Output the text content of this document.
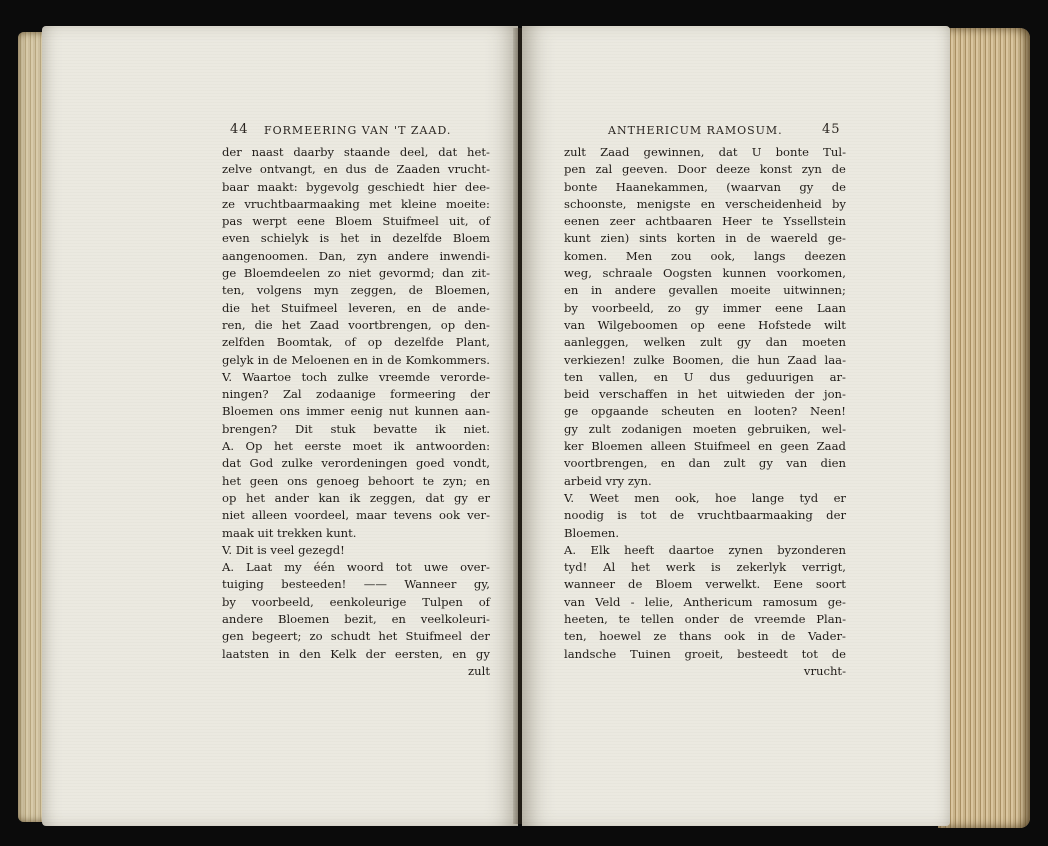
44 FORMEERING VAN 'T ZAAD.
der naast daarby staande deel, dat het-
zelve ontvangt, en dus de Zaaden vrucht-
baar maakt: bygevolg geschiedt hier dee-
ze vruchtbaarmaaking met kleine moeite:
pas werpt eene Bloem Stuifmeel uit, of
even schielyk is het in dezelfde Bloem
aangenoomen. Dan, zyn andere inwendi-
ge Bloemdeelen zo niet gevormd; dan zit-
ten, volgens myn zeggen, de Bloemen,
die het Stuifmeel leveren, en de ande-
ren, die het Zaad voortbrengen, op den-
zelfden Boomtak, of op dezelfde Plant,
gelyk in de Meloenen en in de Komkommers.
V. Waartoe toch zulke vreemde verorde-
ningen? Zal zodaanige formeering der
Bloemen ons immer eenig nut kunnen aan-
brengen? Dit stuk bevatte ik niet.
A. Op het eerste moet ik antwoorden:
dat God zulke verordeningen goed vondt,
het geen ons genoeg behoort te zyn; en
op het ander kan ik zeggen, dat gy er
niet alleen voordeel, maar tevens ook ver-
maak uit trekken kunt.
V. Dit is veel gezegd!
A. Laat my één woord tot uwe over-
tuiging besteeden! —— Wanneer gy,
by voorbeeld, eenkoleurige Tulpen of
andere Bloemen bezit, en veelkoleuri-
gen begeert; zo schudt het Stuifmeel der
laatsten in den Kelk der eersten, en gy
zult
ANTHERICUM RAMOSUM.	45
zult Zaad gewinnen, dat U bonte Tul-
pen zal geeven. Door deeze konst zyn de
bonte Haanekammen, (waarvan gy de
schoonste, menigste en verscheidenheid by
eenen zeer achtbaaren Heer te Yssellstein
kunt zien) sints korten in de waereld ge-
komen. Men zou ook, langs deezen
weg, schraale Oogsten kunnen voorkomen,
en in andere gevallen moeite uitwinnen;
by voorbeeld, zo gy immer eene Laan
van Wilgeboomen op eene Hofstede wilt
aanleggen, welken zult gy dan moeten
verkiezen! zulke Boomen, die hun Zaad laa-
ten vallen, en U dus geduurigen ar-
beid verschaffen in het uitwieden der jon-
ge opgaande scheuten en looten? Neen!
gy zult zodanigen moeten gebruiken, wel-
ker Bloemen alleen Stuifmeel en geen Zaad
voortbrengen, en dan zult gy van dien
arbeid vry zyn.
V. Weet men ook, hoe lange tyd er
noodig is tot de vruchtbaarmaaking der
Bloemen.
A. Elk heeft daartoe zynen byzonderen
tyd! Al het werk is zekerlyk verrigt,
wanneer de Bloem verwelkt. Eene soort
van Veld - lelie, Anthericum ramosum ge-
heeten, te tellen onder de vreemde Plan-
ten, hoewel ze thans ook in de Vader-
landsche Tuinen groeit, besteedt tot de
vrucht-
